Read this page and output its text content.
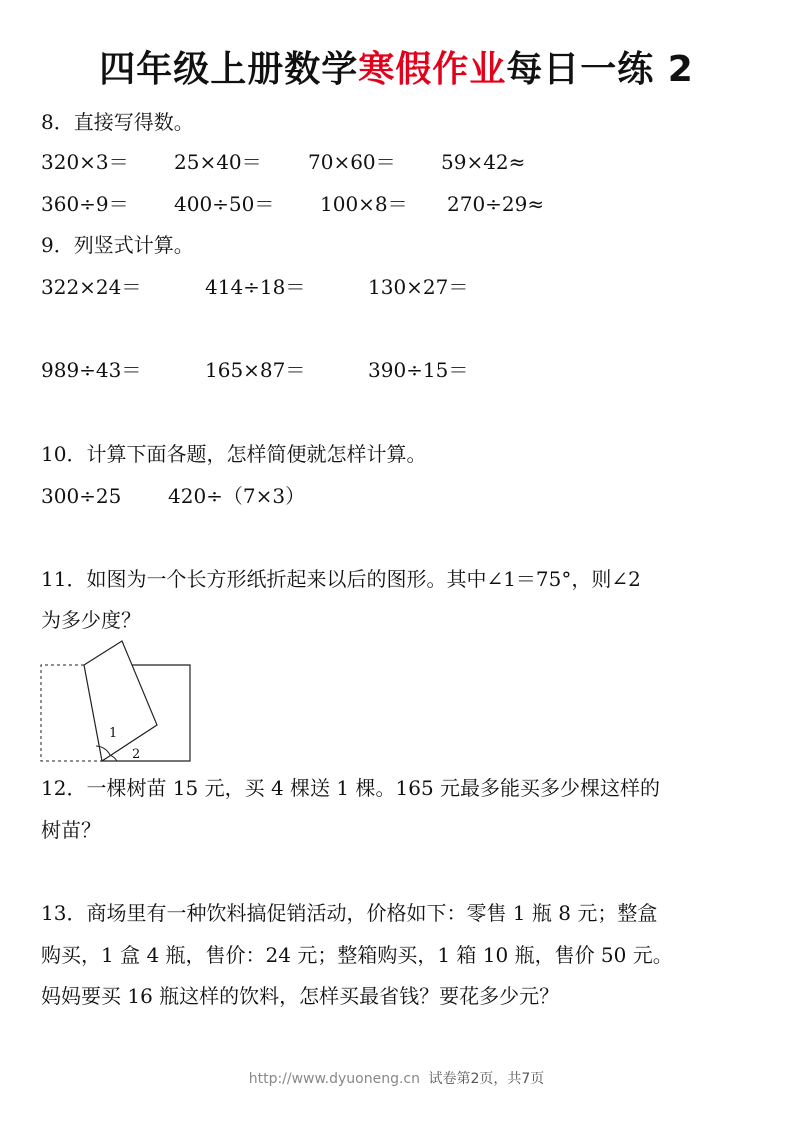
四年级上册数学寒假作业每日一练 2
8．直接写得数。
320×3＝ 25×40＝ 70×60＝ 59×42≈
360÷9＝ 400÷50＝ 100×8＝ 270÷29≈
9．列竖式计算。
322×24＝	414÷18＝	130×27＝
989÷43＝	165×87＝	390÷15＝
10．计算下面各题，怎样简便就怎样计算。
300÷25 420÷（7×3）
11．如图为一个长方形纸折起来以后的图形。其中∠1＝75°，则∠2
为多少度？
1
2
12．一棵树苗 15 元，买 4 棵送 1 棵。165 元最多能买多少棵这样的
树苗？
13．商场里有一种饮料搞促销活动，价格如下：零售 1 瓶 8 元；整盒
购买，1 盒 4 瓶，售价：24 元；整箱购买，1 箱 10 瓶，售价 50 元。
妈妈要买 16 瓶这样的饮料，怎样买最省钱？要花多少元？
http://www.dyuoneng.cn 试卷第2页，共7页
